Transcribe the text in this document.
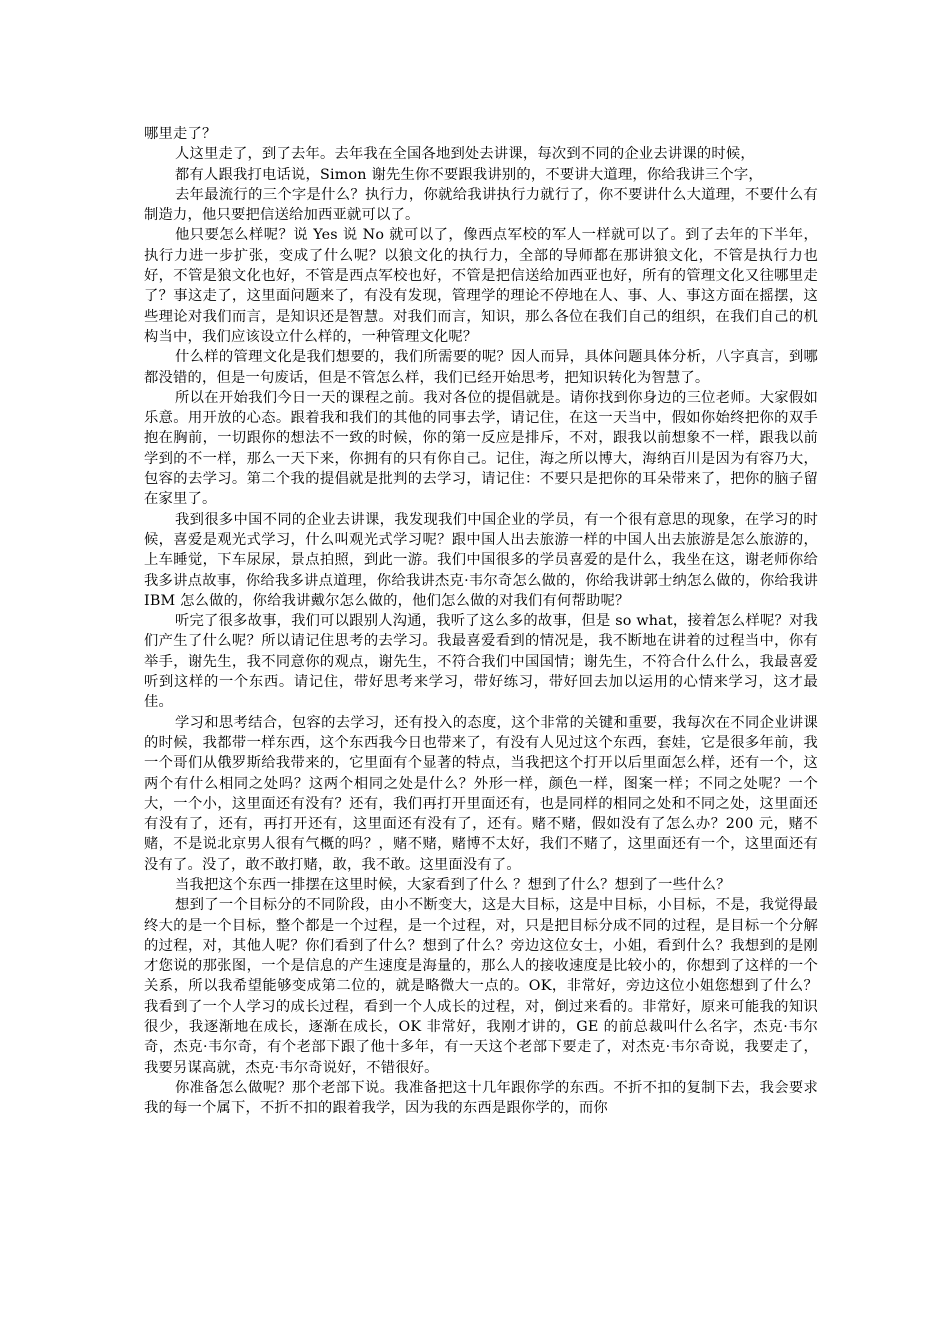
哪里走了？

人这里走了，到了去年。去年我在全国各地到处去讲课，每次到不同的企业去讲课的时候，

都有人跟我打电话说，Simon 谢先生你不要跟我讲别的，不要讲大道理，你给我讲三个字，

去年最流行的三个字是什么？执行力，你就给我讲执行力就行了，你不要讲什么大道理，不要什么有制造力，他只要把信送给加西亚就可以了。

他只要怎么样呢？说 Yes 说 No 就可以了，像西点军校的军人一样就可以了。到了去年的下半年，执行力进一步扩张，变成了什么呢？以狼文化的执行力，全部的导师都在那讲狼文化，不管是执行力也好，不管是狼文化也好，不管是西点军校也好，不管是把信送给加西亚也好，所有的管理文化又往哪里走了？事这走了，这里面问题来了，有没有发现，管理学的理论不停地在人、事、人、事这方面在摇摆，这些理论对我们而言，是知识还是智慧。对我们而言，知识，那么各位在我们自己的组织，在我们自己的机构当中，我们应该设立什么样的，一种管理文化呢？

什么样的管理文化是我们想要的，我们所需要的呢？因人而异，具体问题具体分析，八字真言，到哪都没错的，但是一句废话，但是不管怎么样，我们已经开始思考，把知识转化为智慧了。

所以在开始我们今日一天的课程之前。我对各位的提倡就是。请你找到你身边的三位老师。大家假如乐意。用开放的心态。跟着我和我们的其他的同事去学，请记住，在这一天当中，假如你始终把你的双手抱在胸前，一切跟你的想法不一致的时候，你的第一反应是排斥，不对，跟我以前想象不一样，跟我以前学到的不一样，那么一天下来，你拥有的只有你自己。记住，海之所以博大，海纳百川是因为有容乃大，包容的去学习。第二个我的提倡就是批判的去学习，请记住：不要只是把你的耳朵带来了，把你的脑子留在家里了。

我到很多中国不同的企业去讲课，我发现我们中国企业的学员，有一个很有意思的现象，在学习的时候，喜爱是观光式学习，什么叫观光式学习呢？跟中国人出去旅游一样的中国人出去旅游是怎么旅游的，上车睡觉，下车尿尿，景点拍照，到此一游。我们中国很多的学员喜爱的是什么，我坐在这，谢老师你给我多讲点故事，你给我多讲点道理，你给我讲杰克·韦尔奇怎么做的，你给我讲郭士纳怎么做的，你给我讲 IBM 怎么做的，你给我讲戴尔怎么做的，他们怎么做的对我们有何帮助呢？

听完了很多故事，我们可以跟别人沟通，我听了这么多的故事，但是 so what，接着怎么样呢？对我们产生了什么呢？所以请记住思考的去学习。我最喜爱看到的情况是，我不断地在讲着的过程当中，你有举手，谢先生，我不同意你的观点，谢先生，不符合我们中国国情；谢先生，不符合什么什么，我最喜爱听到这样的一个东西。请记住，带好思考来学习，带好练习，带好回去加以运用的心情来学习，这才最佳。

学习和思考结合，包容的去学习，还有投入的态度，这个非常的关键和重要，我每次在不同企业讲课的时候，我都带一样东西，这个东西我今日也带来了，有没有人见过这个东西，套娃，它是很多年前，我一个哥们从俄罗斯给我带来的，它里面有个显著的特点，当我把这个打开以后里面怎么样，还有一个，这两个有什么相同之处吗？这两个相同之处是什么？外形一样，颜色一样，图案一样；不同之处呢？一个大，一个小，这里面还有没有？还有，我们再打开里面还有，也是同样的相同之处和不同之处，这里面还有没有了，还有，再打开还有，这里面还有没有了，还有。赌不赌，假如没有了怎么办？200 元，赌不赌，不是说北京男人很有气概的吗？，赌不赌，赌博不太好，我们不赌了，这里面还有一个，这里面还有没有了。没了，敢不敢打赌，敢，我不敢。这里面没有了。

当我把这个东西一排摆在这里时候，大家看到了什么 ？想到了什么？想到了一些什么？

想到了一个目标分的不同阶段，由小不断变大，这是大目标，这是中目标，小目标，不是，我觉得最终大的是一个目标，整个都是一个过程，是一个过程，对，只是把目标分成不同的过程，是目标一个分解的过程，对，其他人呢？你们看到了什么？想到了什么？旁边这位女士，小姐，看到什么？我想到的是刚才您说的那张图，一个是信息的产生速度是海量的，那么人的接收速度是比较小的，你想到了这样的一个关系，所以我希望能够变成第二位的，就是略微大一点的。OK，非常好，旁边这位小姐您想到了什么？我看到了一个人学习的成长过程，看到一个人成长的过程，对，倒过来看的。非常好，原来可能我的知识很少，我逐渐地在成长，逐渐在成长，OK 非常好，我刚才讲的，GE 的前总裁叫什么名字，杰克·韦尔奇，杰克·韦尔奇，有个老部下跟了他十多年，有一天这个老部下要走了，对杰克·韦尔奇说，我要走了，我要另谋高就，杰克·韦尔奇说好，不错很好。

你准备怎么做呢？那个老部下说。我准备把这十几年跟你学的东西。不折不扣的复制下去，我会要求我的每一个属下，不折不扣的跟着我学，因为我的东西是跟你学的，而你
